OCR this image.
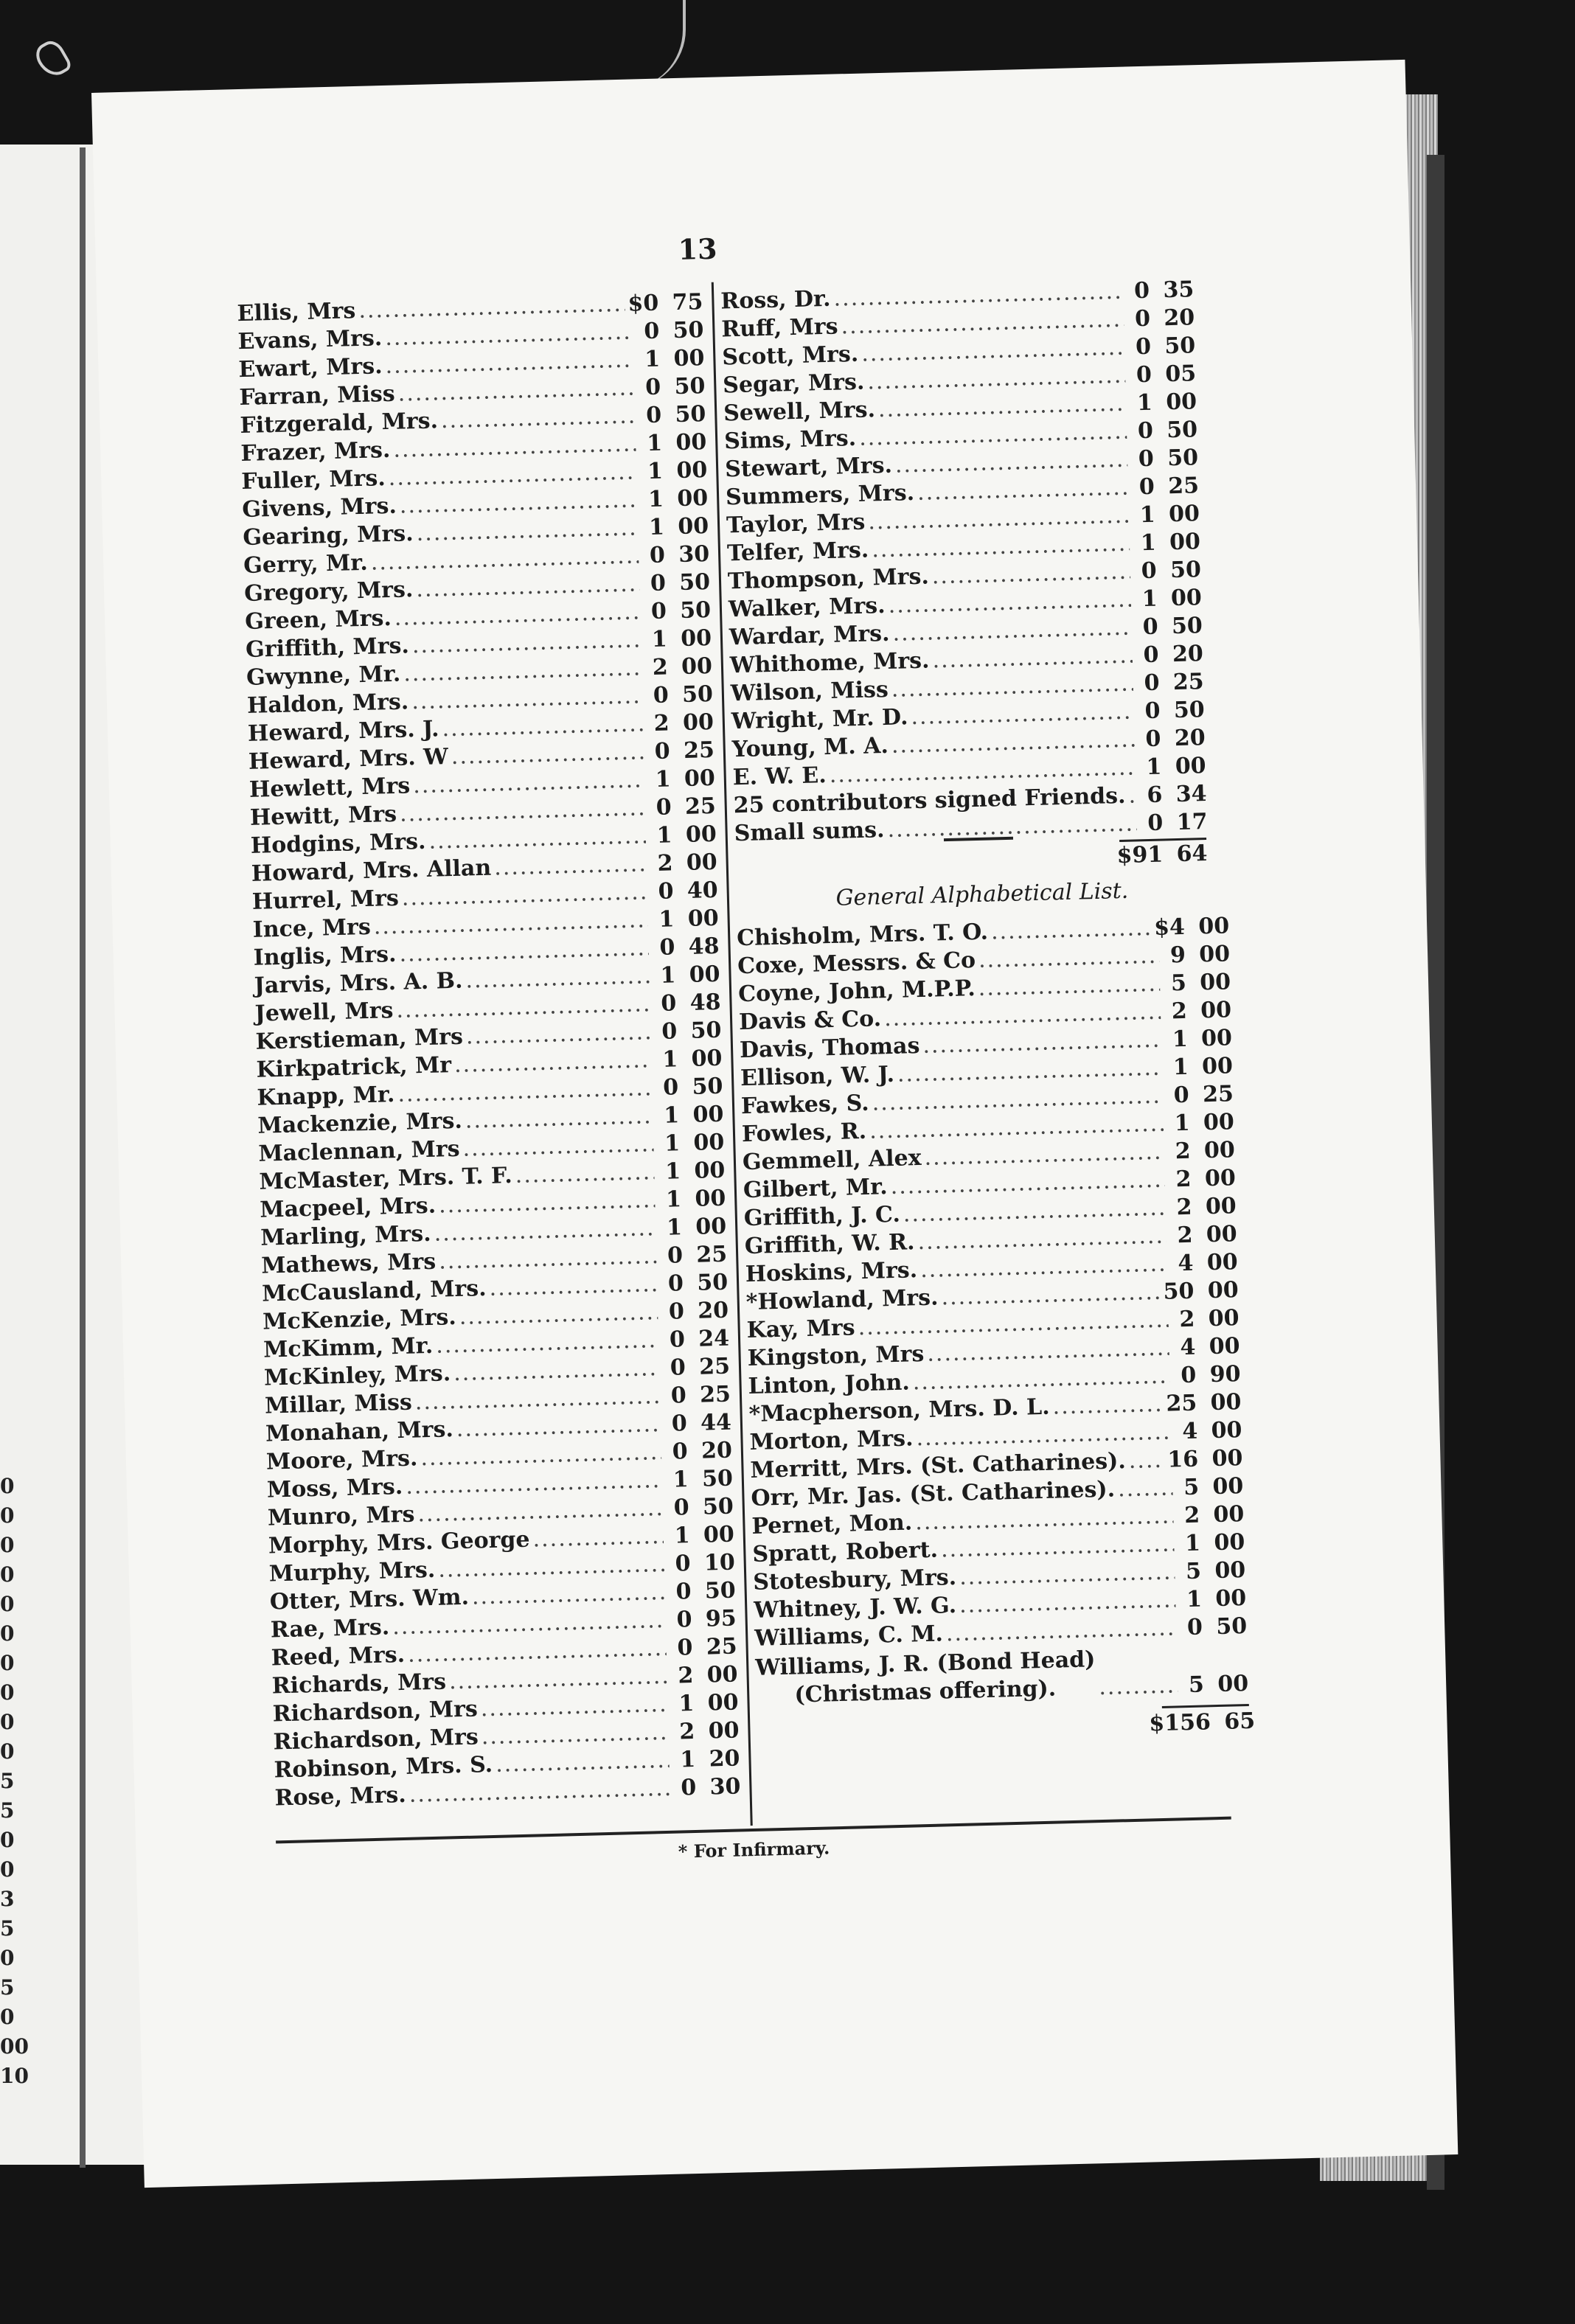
0
0
0
0
0
0
0
0
0
0
5
5
0
0
3
5
0
5
0
00
10
13
Ellis, Mrs .....	$0 75
Evans, Mrs. .....	0 50
Ewart, Mrs. .....	1 00
Farran, Miss .....	0 50
Fitzgerald, Mrs. .....	0 50
Frazer, Mrs. .....	1 00
Fuller, Mrs. .....	1 00
Givens, Mrs. .....	1 00
Gearing, Mrs. .....	1 00
Gerry, Mr. .....	0 30
Gregory, Mrs. .....	0 50
Green, Mrs. .....	0 50
Griffith, Mrs. .....	1 00
Gwynne, Mr. .....	2 00
Haldon, Mrs. .....	0 50
Heward, Mrs. J. .....	2 00
Heward, Mrs. W .....	0 25
Hewlett, Mrs .....	1 00
Hewitt, Mrs .....	0 25
Hodgins, Mrs. .....	1 00
Howard, Mrs. Allan .....	2 00
Hurrel, Mrs .....	0 40
Ince, Mrs .....	1 00
Inglis, Mrs. .....	0 48
Jarvis, Mrs. A. B. .....	1 00
Jewell, Mrs .....	0 48
Kerstieman, Mrs .....	0 50
Kirkpatrick, Mr .....	1 00
Knapp, Mr. .....	0 50
Mackenzie, Mrs. .....	1 00
Maclennan, Mrs .....	1 00
McMaster, Mrs. T. F. .....	1 00
Macpeel, Mrs. .....	1 00
Marling, Mrs. .....	1 00
Mathews, Mrs .....	0 25
McCausland, Mrs. .....	0 50
McKenzie, Mrs. .....	0 20
McKimm, Mr. .....	0 24
McKinley, Mrs. .....	0 25
Millar, Miss .....	0 25
Monahan, Mrs. .....	0 44
Moore, Mrs. .....	0 20
Moss, Mrs. .....	1 50
Munro, Mrs .....	0 50
Morphy, Mrs. George .....	1 00
Murphy, Mrs. .....	0 10
Otter, Mrs. Wm. .....	0 50
Rae, Mrs. .....	0 95
Reed, Mrs. .....	0 25
Richards, Mrs .....	2 00
Richardson, Mrs .....	1 00
Richardson, Mrs .....	2 00
Robinson, Mrs. S. .....	1 20
Rose, Mrs. .....	0 30
Ross, Dr. .....	0 35
Ruff, Mrs .....	0 20
Scott, Mrs. .....	0 50
Segar, Mrs. .....	0 05
Sewell, Mrs. .....	1 00
Sims, Mrs. .....	0 50
Stewart, Mrs. .....	0 50
Summers, Mrs. .....	0 25
Taylor, Mrs .....	1 00
Telfer, Mrs. .....	1 00
Thompson, Mrs. .....	0 50
Walker, Mrs. .....	1 00
Wardar, Mrs. .....	0 50
Whithome, Mrs. .....	0 20
Wilson, Miss .....	0 25
Wright, Mr. D. .....	0 50
Young, M. A. .....	0 20
E. W. E. .....	1 00
25 contributors signed Friends. ..... 6 34
Small sums. .....	0 17
$91 64
General Alphabetical List.
Chisholm, Mrs. T. O. .....	$4 00
Coxe, Messrs. & Co .....	9 00
Coyne, John, M.P.P. .....	5 00
Davis & Co. .....	2 00
Davis, Thomas .....	1 00
Ellison, W. J. .....	1 00
Fawkes, S. .....	0 25
Fowles, R. .....	1 00
Gemmell, Alex .....	2 00
Gilbert, Mr. .....	2 00
Griffith, J. C. .....	2 00
Griffith, W. R. .....	2 00
Hoskins, Mrs. .....	4 00
*Howland, Mrs. .....	50 00
Kay, Mrs .....	2 00
Kingston, Mrs .....	4 00
Linton, John. .....	0 90
*Macpherson, Mrs. D. L. .....	25 00
Morton, Mrs. .....	4 00
Merritt, Mrs. (St. Catharines). ..... 16 00
Orr, Mr. Jas. (St. Catharines). .....	5 00
Pernet, Mon. .....	2 00
Spratt, Robert. .....	1 00
Stotesbury, Mrs. .....	5 00
Whitney, J. W. G. .....	1 00
Williams, C. M. .....	0 50
Williams, J. R. (Bond Head)
(Christmas offering). .....	5 00
$156 65
* For Infirmary.
